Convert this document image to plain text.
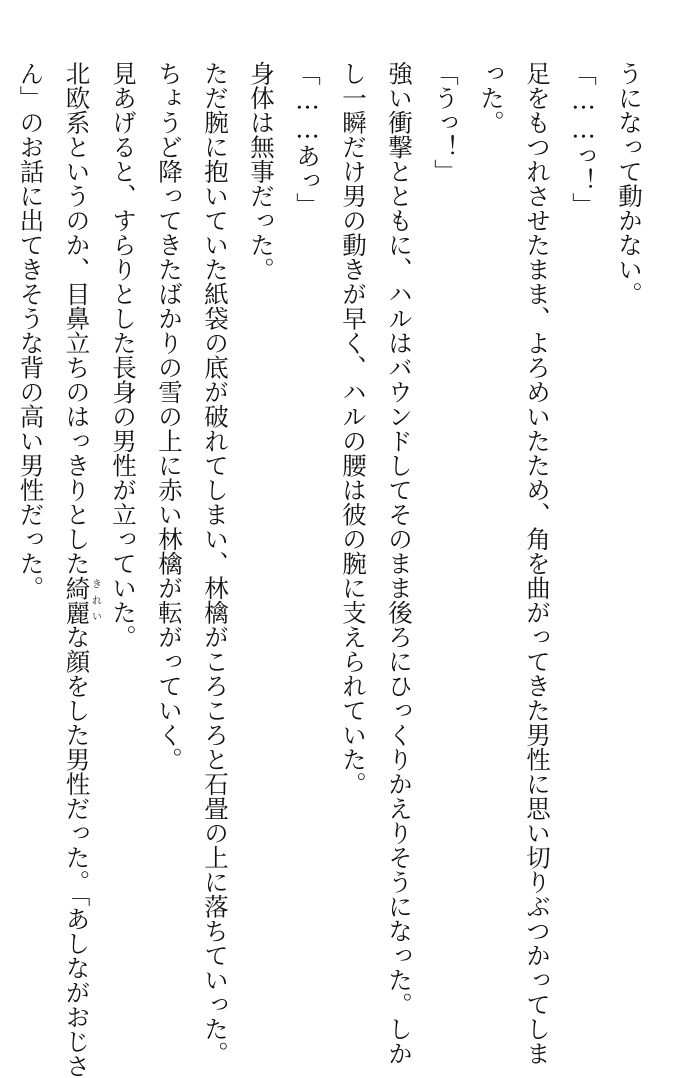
うになって動かない。
「……っ！」
足をもつれさせたまま、よろめいたため、角を曲がってきた男性に思い切りぶつかってしま
った。
「うっ！」
強い衝撃とともに、ハルはバウンドしてそのまま後ろにひっくりかえりそうになった。しか
し一瞬だけ男の動きが早く、ハルの腰は彼の腕に支えられていた。
「……あっ」
身体は無事だった。
ただ腕に抱いていた紙袋の底が破れてしまい、林檎がころころと石畳の上に落ちていった。
ちょうど降ってきたばかりの雪の上に赤い林檎が転がっていく。
見あげると、すらりとした長身の男性が立っていた。
北欧系というのか、目鼻立ちのはっきりとした綺麗きれいな顔をした男性だった。「あしながおじさ
ん」のお話に出てきそうな背の高い男性だった。
